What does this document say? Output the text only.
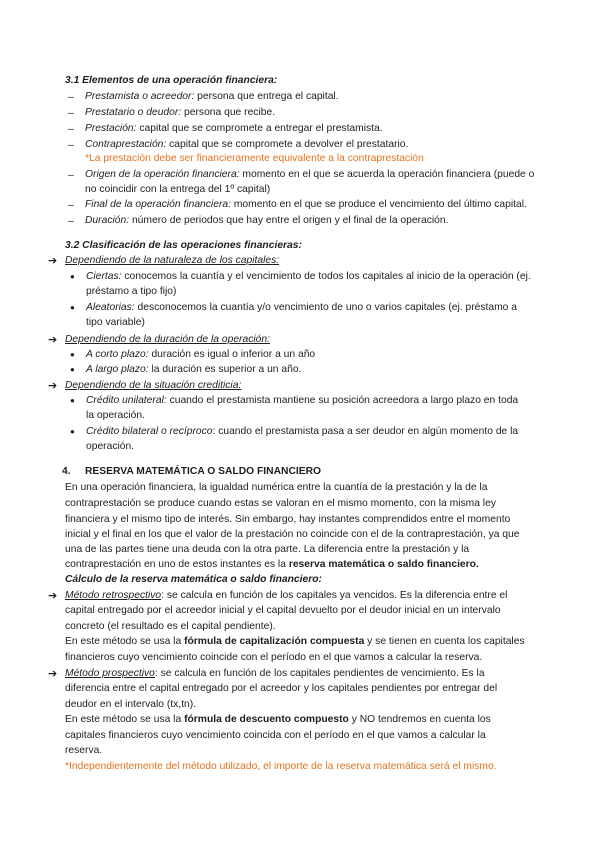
3.1 Elementos de una operación financiera:
– Prestamista o acreedor: persona que entrega el capital.
– Prestatario o deudor: persona que recibe.
– Prestación: capital que se compromete a entregar el prestamista.
– Contraprestación: capital que se compromete a devolver el prestatario.
*La prestación debe ser financieramente equivalente a la contraprestación
– Origen de la operación financiera: momento en el que se acuerda la operación financiera (puede o
no coincidir con la entrega del 1º capital)
– Final de la operación financiera: momento en el que se produce el vencimiento del último capital.
– Duración: número de periodos que hay entre el origen y el final de la operación.
3.2 Clasificación de las operaciones financieras:
➔ Dependiendo de la naturaleza de los capitales:
● Ciertas: conocemos la cuantía y el vencimiento de todos los capitales al inicio de la operación (ej.
préstamo a tipo fijo)
● Aleatorias: desconocemos la cuantía y/o vencimiento de uno o varios capitales (ej. préstamo a
tipo variable)
➔ Dependiendo de la duración de la operación:
● A corto plazo: duración es igual o inferior a un año
● A largo plazo: la duración es superior a un año.
➔ Dependiendo de la situación crediticia:
● Crédito unilateral: cuando el prestamista mantiene su posición acreedora a largo plazo en toda
la operación.
● Crédito bilateral o recíproco: cuando el prestamista pasa a ser deudor en algún momento de la
operación.
4. RESERVA MATEMÁTICA O SALDO FINANCIERO
En una operación financiera, la igualdad numérica entre la cuantía de la prestación y la de la
contraprestación se produce cuando estas se valoran en el mismo momento, con la misma ley
financiera y el mismo tipo de interés. Sin embargo, hay instantes comprendidos entre el momento
inicial y el final en los que el valor de la prestación no coincide con el de la contraprestación, ya que
una de las partes tiene una deuda con la otra parte. La diferencia entre la prestación y la
contraprestación en uno de estos instantes es la reserva matemática o saldo financiero.
Cálculo de la reserva matemática o saldo financiero:
➔ Método retrospectivo: se calcula en función de los capitales ya vencidos. Es la diferencia entre el
capital entregado por el acreedor inicial y el capital devuelto por el deudor inicial en un intervalo
concreto (el resultado es el capital pendiente).
En este método se usa la fórmula de capitalización compuesta y se tienen en cuenta los capitales
financieros cuyo vencimiento coincide con el período en el que vamos a calcular la reserva.
➔ Método prospectivo: se calcula en función de los capitales pendientes de vencimiento. Es la
diferencia entre el capital entregado por el acreedor y los capitales pendientes por entregar del
deudor en el intervalo (tx,tn).
En este método se usa la fórmula de descuento compuesto y NO tendremos en cuenta los
capitales financieros cuyo vencimiento coincida con el período en el que vamos a calcular la
reserva.
*Independientemente del método utilizado, el importe de la reserva matemática será el mismo.
